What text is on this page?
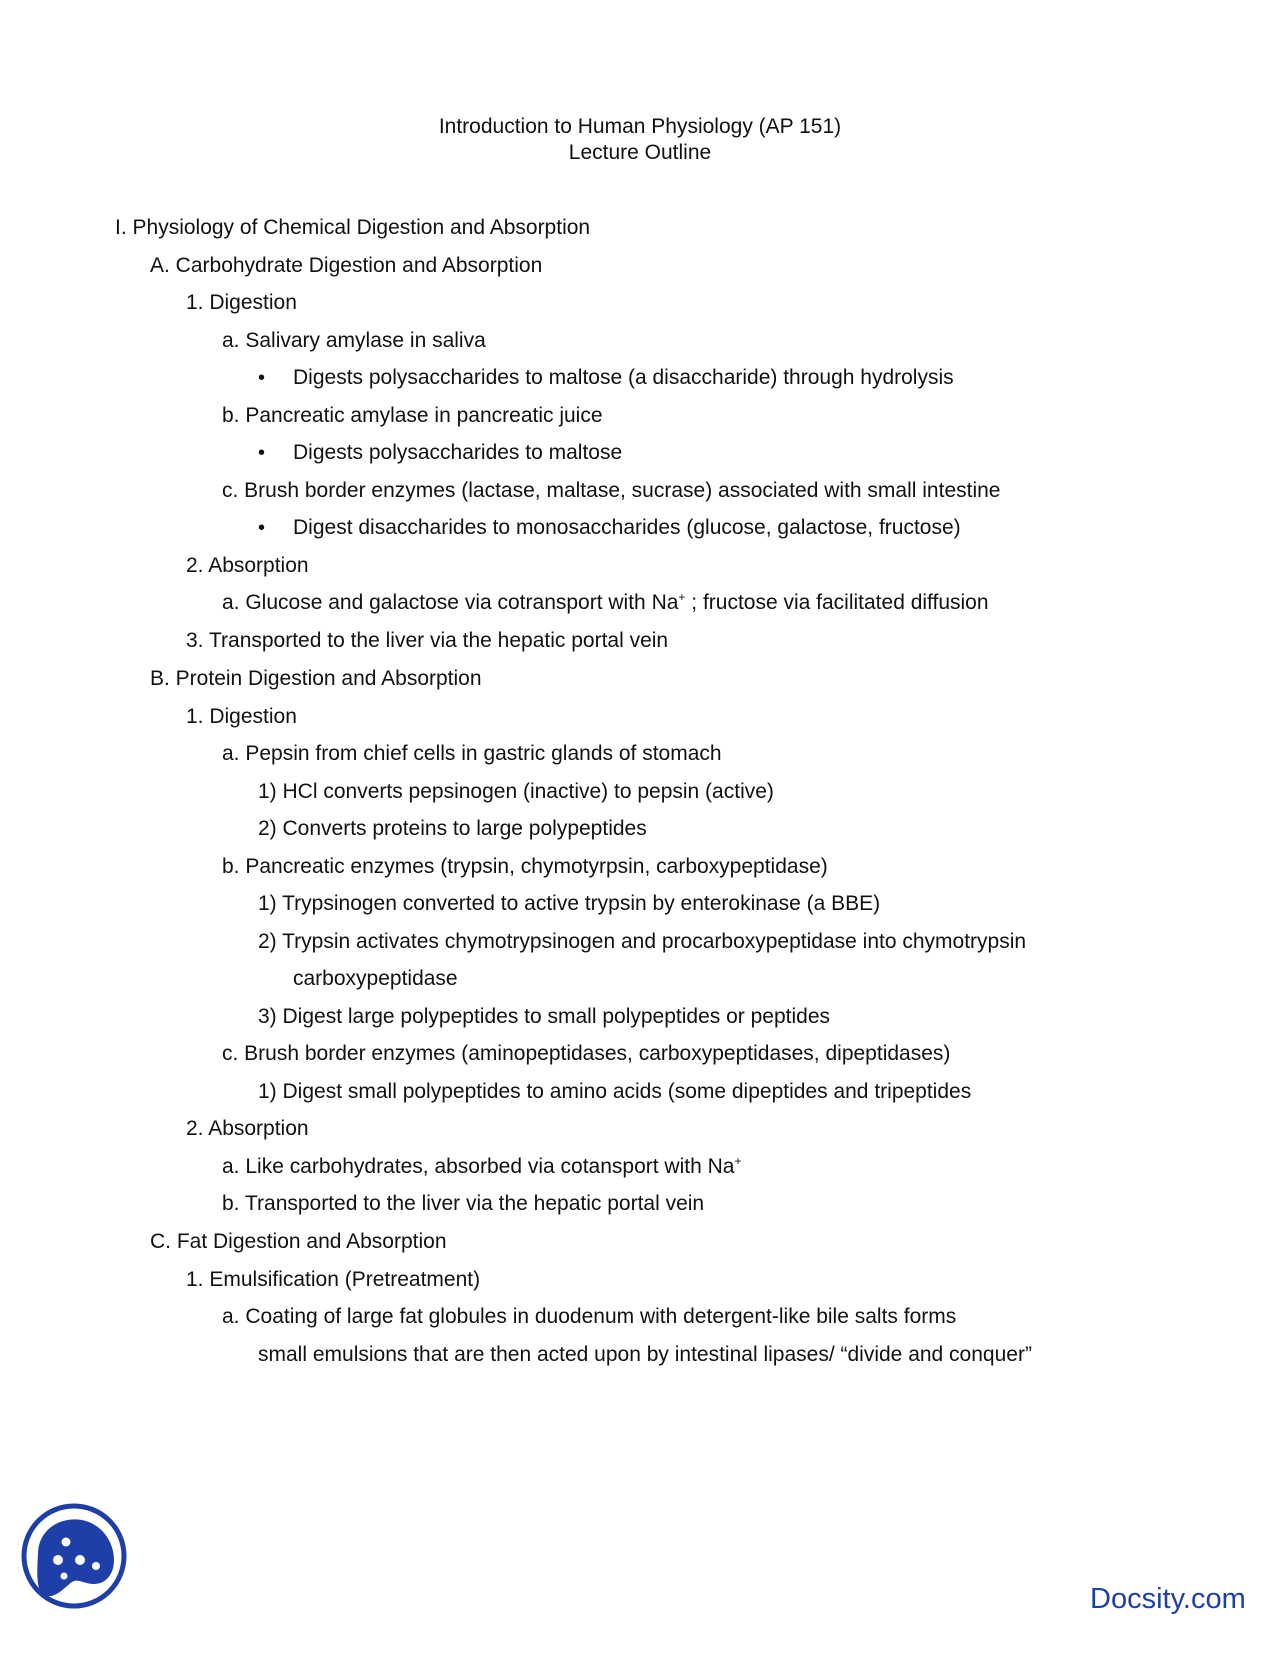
Introduction to Human Physiology (AP 151)
Lecture Outline
I. Physiology of Chemical Digestion and Absorption
A. Carbohydrate Digestion and Absorption
1. Digestion
a. Salivary amylase in saliva
• Digests polysaccharides to maltose (a disaccharide) through hydrolysis
b. Pancreatic amylase in pancreatic juice
• Digests polysaccharides to maltose
c. Brush border enzymes (lactase, maltase, sucrase) associated with small intestine
• Digest disaccharides to monosaccharides (glucose, galactose, fructose)
2. Absorption
a. Glucose and galactose via cotransport with Na+ ; fructose via facilitated diffusion
3. Transported to the liver via the hepatic portal vein
B. Protein Digestion and Absorption
1. Digestion
a. Pepsin from chief cells in gastric glands of stomach
1) HCl converts pepsinogen (inactive) to pepsin (active)
2) Converts proteins to large polypeptides
b. Pancreatic enzymes (trypsin, chymotyrpsin, carboxypeptidase)
1) Trypsinogen converted to active trypsin by enterokinase (a BBE)
2) Trypsin activates chymotrypsinogen and procarboxypeptidase into chymotrypsin
carboxypeptidase
3) Digest large polypeptides to small polypeptides or peptides
c. Brush border enzymes (aminopeptidases, carboxypeptidases, dipeptidases)
1) Digest small polypeptides to amino acids (some dipeptides and tripeptides
2. Absorption
a. Like carbohydrates, absorbed via cotansport with Na+
b. Transported to the liver via the hepatic portal vein
C. Fat Digestion and Absorption
1. Emulsification (Pretreatment)
a. Coating of large fat globules in duodenum with detergent-like bile salts forms
small emulsions that are then acted upon by intestinal lipases/ “divide and conquer”
Docsity.com
